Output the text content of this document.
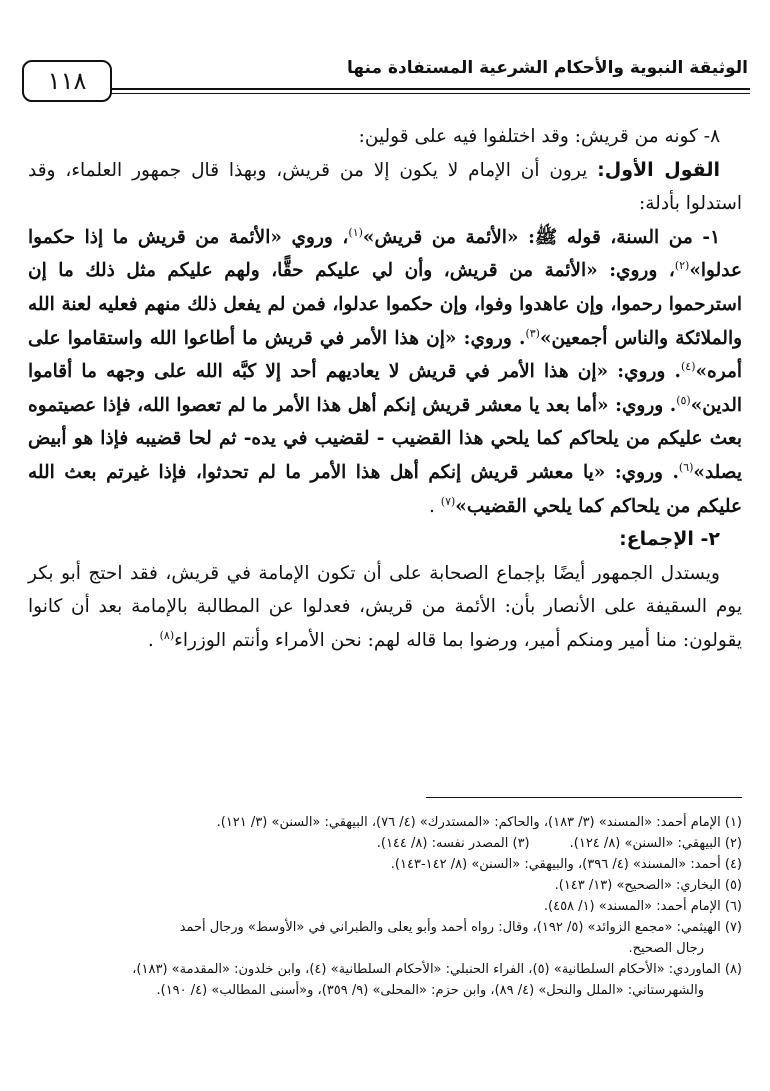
الوثيقة النبوية والأحكام الشرعية المستفادة منها
١١٨

٨- كونه من قريش: وقد اختلفوا فيه على قولين:

القول الأول: يرون أن الإمام لا يكون إلا من قريش، وبهذا قال جمهور العلماء، وقد استدلوا بأدلة:

١- من السنة، قوله ﷺ: «الأئمة من قريش»$^{(١)}$، وروي «الأئمة من قريش ما إذا حكموا عدلوا»$^{(٢)}$، وروي: «الأئمة من قريش، وأن لي عليكم حقًّا، ولهم عليكم مثل ذلك ما إن استرحموا رحموا، وإن عاهدوا وفوا، وإن حكموا عدلوا، فمن لم يفعل ذلك منهم فعليه لعنة الله والملائكة والناس أجمعين»$^{(٣)}$. وروي: «إن هذا الأمر في قريش ما أطاعوا الله واستقاموا على أمره»$^{(٤)}$. وروي: «إن هذا الأمر في قريش لا يعاديهم أحد إلا كبَّه الله على وجهه ما أقاموا الدين»$^{(٥)}$. وروي: «أما بعد يا معشر قريش إنكم أهل هذا الأمر ما لم تعصوا الله، فإذا عصيتموه بعث عليكم من يلحاكم كما يلحي هذا القضيب - لقضيب في يده- ثم لحا قضيبه فإذا هو أبيض يصلد»$^{(٦)}$. وروي: «يا معشر قريش إنكم أهل هذا الأمر ما لم تحدثوا، فإذا غيرتم بعث الله عليكم من يلحاكم كما يلحي القضيب»$^{(٧)}$ .

٢- الإجماع:

ويستدل الجمهور أيضًا بإجماع الصحابة على أن تكون الإمامة في قريش، فقد احتج أبو بكر يوم السقيفة على الأنصار بأن: الأئمة من قريش، فعدلوا عن المطالبة بالإمامة بعد أن كانوا يقولون: منا أمير ومنكم أمير، ورضوا بما قاله لهم: نحن الأمراء وأنتم الوزراء$^{(٨)}$ .

(١) الإمام أحمد: «المسند» (٣/ ١٨٣)، والحاكم: «المستدرك» (٤/ ٧٦)، البيهقي: «السنن» (٣/ ١٢١).

(٢) البيهقي: «السنن» (٨/ ١٢٤).
(٣) المصدر نفسه: (٨/ ١٤٤).

(٤) أحمد: «المسند» (٤/ ٣٩٦)، والبيهقي: «السنن» (٨/ ١٤٢-١٤٣).

(٥) البخاري: «الصحيح» (١٣/ ١٤٣).

(٦) الإمام أحمد: «المسند» (١/ ٤٥٨).

(٧) الهيثمي: «مجمع الزوائد» (٥/ ١٩٢)، وقال: رواه أحمد وأبو يعلى والطبراني في «الأوسط» ورجال أحمد

رجال الصحيح.

(٨) الماوردي: «الأحكام السلطانية» (٥)، الفراء الحنبلي: «الأحكام السلطانية» (٤)، وابن خلدون: «المقدمة» (١٨٣)،

والشهرستاني: «الملل والنحل» (٤/ ٨٩)، وابن حزم: «المحلى» (٩/ ٣٥٩)، و«أسنى المطالب» (٤/ ١٩٠).
